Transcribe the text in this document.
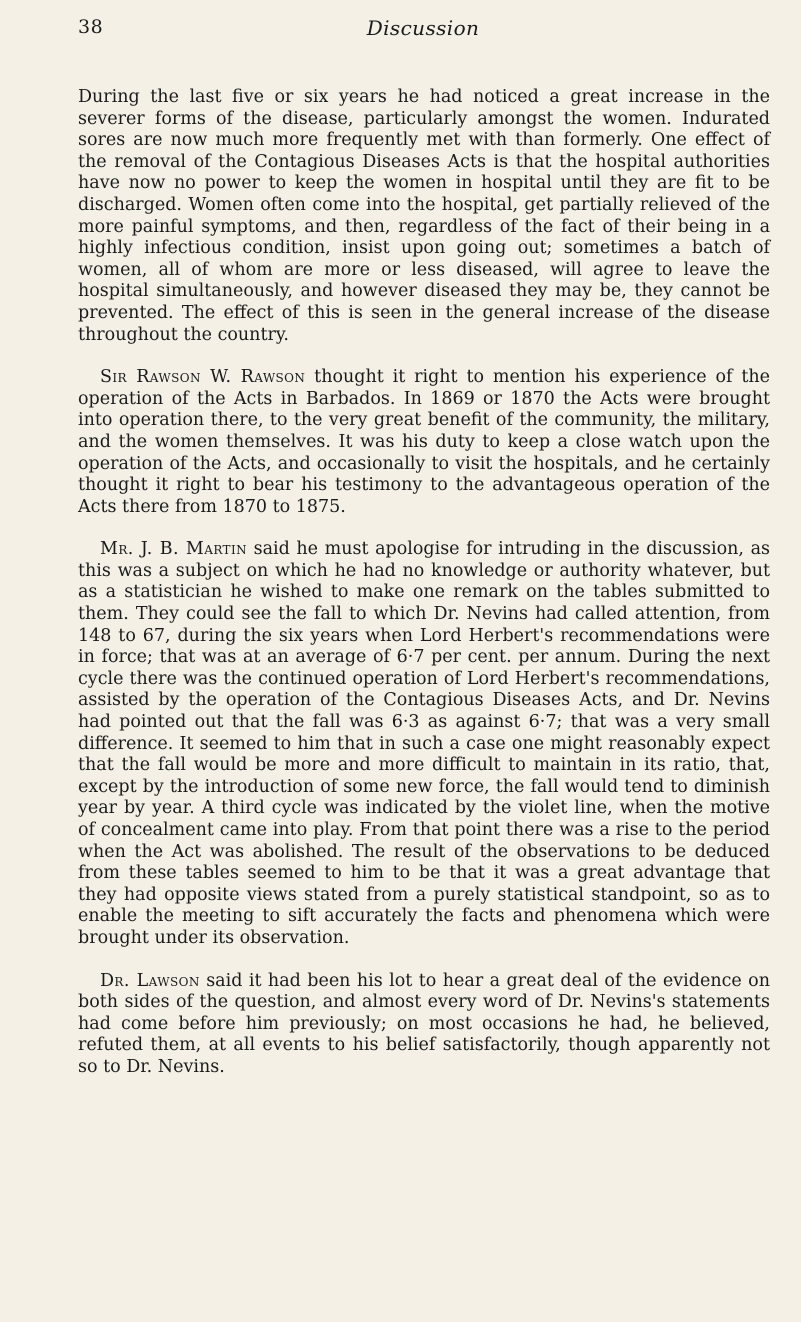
38	Discussion

During the last five or six years he had noticed a great increase in the severer forms of the disease, particularly amongst the women. Indurated sores are now much more frequently met with than formerly. One effect of the removal of the Contagious Diseases Acts is that the hospital authorities have now no power to keep the women in hospital until they are fit to be discharged. Women often come into the hospital, get partially relieved of the more painful symptoms, and then, regardless of the fact of their being in a highly infectious condition, insist upon going out; sometimes a batch of women, all of whom are more or less diseased, will agree to leave the hospital simultaneously, and however diseased they may be, they cannot be prevented. The effect of this is seen in the general increase of the disease throughout the country.

Sir Rawson W. Rawson thought it right to mention his experience of the operation of the Acts in Barbados. In 1869 or 1870 the Acts were brought into operation there, to the very great benefit of the community, the military, and the women themselves. It was his duty to keep a close watch upon the operation of the Acts, and occasionally to visit the hospitals, and he certainly thought it right to bear his testimony to the advantageous operation of the Acts there from 1870 to 1875.

Mr. J. B. Martin said he must apologise for intruding in the discussion, as this was a subject on which he had no knowledge or authority whatever, but as a statistician he wished to make one remark on the tables submitted to them. They could see the fall to which Dr. Nevins had called attention, from 148 to 67, during the six years when Lord Herbert's recommendations were in force; that was at an average of 6·7 per cent. per annum. During the next cycle there was the continued operation of Lord Herbert's recommendations, assisted by the operation of the Contagious Diseases Acts, and Dr. Nevins had pointed out that the fall was 6·3 as against 6·7; that was a very small difference. It seemed to him that in such a case one might reasonably expect that the fall would be more and more difficult to maintain in its ratio, that, except by the introduction of some new force, the fall would tend to diminish year by year. A third cycle was indicated by the violet line, when the motive of concealment came into play. From that point there was a rise to the period when the Act was abolished. The result of the observations to be deduced from these tables seemed to him to be that it was a great advantage that they had opposite views stated from a purely statistical standpoint, so as to enable the meeting to sift accurately the facts and phenomena which were brought under its observation.

Dr. Lawson said it had been his lot to hear a great deal of the evidence on both sides of the question, and almost every word of Dr. Nevins's statements had come before him previously; on most occasions he had, he believed, refuted them, at all events to his belief satisfactorily, though apparently not so to Dr. Nevins.
